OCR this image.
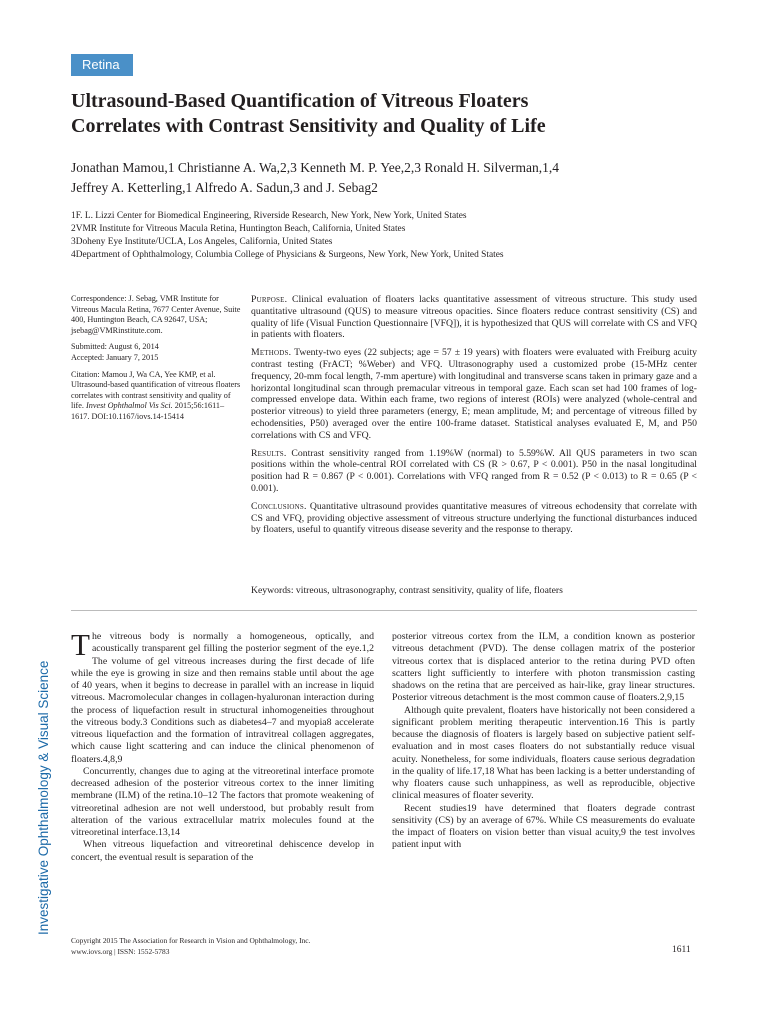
Retina
Ultrasound-Based Quantification of Vitreous Floaters
Correlates with Contrast Sensitivity and Quality of Life
Jonathan Mamou,1 Christianne A. Wa,2,3 Kenneth M. P. Yee,2,3 Ronald H. Silverman,1,4
Jeffrey A. Ketterling,1 Alfredo A. Sadun,3 and J. Sebag2
1F. L. Lizzi Center for Biomedical Engineering, Riverside Research, New York, New York, United States
2VMR Institute for Vitreous Macula Retina, Huntington Beach, California, United States
3Doheny Eye Institute/UCLA, Los Angeles, California, United States
4Department of Ophthalmology, Columbia College of Physicians & Surgeons, New York, New York, United States

Correspondence: J. Sebag, VMR Institute for Vitreous Macula Retina, 7677 Center Avenue, Suite 400, Huntington Beach, CA 92647, USA; jsebag@VMRinstitute.com.

Submitted: August 6, 2014
Accepted: January 7, 2015

Citation: Mamou J, Wa CA, Yee KMP, et al. Ultrasound-based quantification of vitreous floaters correlates with contrast sensitivity and quality of life. Invest Ophthalmol Vis Sci. 2015;56:1611–1617. DOI:10.1167/iovs.14-15414

Purpose. Clinical evaluation of floaters lacks quantitative assessment of vitreous structure. This study used quantitative ultrasound (QUS) to measure vitreous opacities. Since floaters reduce contrast sensitivity (CS) and quality of life (Visual Function Questionnaire [VFQ]), it is hypothesized that QUS will correlate with CS and VFQ in patients with floaters.

Methods. Twenty-two eyes (22 subjects; age = 57 ± 19 years) with floaters were evaluated with Freiburg acuity contrast testing (FrACT; %Weber) and VFQ. Ultrasonography used a customized probe (15-MHz center frequency, 20-mm focal length, 7-mm aperture) with longitudinal and transverse scans taken in primary gaze and a horizontal longitudinal scan through premacular vitreous in temporal gaze. Each scan set had 100 frames of log-compressed envelope data. Within each frame, two regions of interest (ROIs) were analyzed (whole-central and posterior vitreous) to yield three parameters (energy, E; mean amplitude, M; and percentage of vitreous filled by echodensities, P50) averaged over the entire 100-frame dataset. Statistical analyses evaluated E, M, and P50 correlations with CS and VFQ.

Results. Contrast sensitivity ranged from 1.19%W (normal) to 5.59%W. All QUS parameters in two scan positions within the whole-central ROI correlated with CS (R > 0.67, P < 0.001). P50 in the nasal longitudinal position had R = 0.867 (P < 0.001). Correlations with VFQ ranged from R = 0.52 (P < 0.013) to R = 0.65 (P < 0.001).

Conclusions. Quantitative ultrasound provides quantitative measures of vitreous echodensity that correlate with CS and VFQ, providing objective assessment of vitreous structure underlying the functional disturbances induced by floaters, useful to quantify vitreous disease severity and the response to therapy.

Keywords: vitreous, ultrasonography, contrast sensitivity, quality of life, floaters
Investigative Ophthalmology & Visual Science

The vitreous body is normally a homogeneous, optically, and acoustically transparent gel filling the posterior segment of the eye.1,2 The volume of gel vitreous increases during the first decade of life while the eye is growing in size and then remains stable until about the age of 40 years, when it begins to decrease in parallel with an increase in liquid vitreous. Macromolecular changes in collagen-hyaluronan interaction during the process of liquefaction result in structural inhomogeneities throughout the vitreous body.3 Conditions such as diabetes4–7 and myopia8 accelerate vitreous liquefaction and the formation of intravitreal collagen aggregates, which cause light scattering and can induce the clinical phenomenon of floaters.4,8,9

Concurrently, changes due to aging at the vitreoretinal interface promote decreased adhesion of the posterior vitreous cortex to the inner limiting membrane (ILM) of the retina.10–12 The factors that promote weakening of vitreoretinal adhesion are not well understood, but probably result from alteration of the various extracellular matrix molecules found at the vitreoretinal interface.13,14

When vitreous liquefaction and vitreoretinal dehiscence develop in concert, the eventual result is separation of the

posterior vitreous cortex from the ILM, a condition known as posterior vitreous detachment (PVD). The dense collagen matrix of the posterior vitreous cortex that is displaced anterior to the retina during PVD often scatters light sufficiently to interfere with photon transmission casting shadows on the retina that are perceived as hair-like, gray linear structures. Posterior vitreous detachment is the most common cause of floaters.2,9,15

Although quite prevalent, floaters have historically not been considered a significant problem meriting therapeutic intervention.16 This is partly because the diagnosis of floaters is largely based on subjective patient self-evaluation and in most cases floaters do not substantially reduce visual acuity. Nonetheless, for some individuals, floaters cause serious degradation in the quality of life.17,18 What has been lacking is a better understanding of why floaters cause such unhappiness, as well as reproducible, objective clinical measures of floater severity.

Recent studies19 have determined that floaters degrade contrast sensitivity (CS) by an average of 67%. While CS measurements do evaluate the impact of floaters on vision better than visual acuity,9 the test involves patient input with

Copyright 2015 The Association for Research in Vision and Ophthalmology, Inc.
www.iovs.org | ISSN: 1552-5783	1611
